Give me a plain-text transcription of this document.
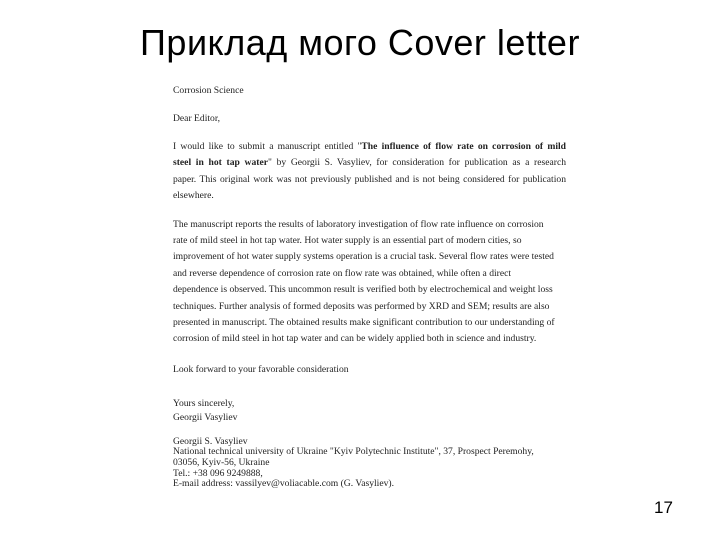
Приклад мого Cover letter
Corrosion Science
Dear Editor,
I would like to submit a manuscript entitled "The influence of flow rate on corrosion of mild
steel in hot tap water" by Georgii S. Vasyliev, for consideration for publication as a research
paper. This original work was not previously published and is not being considered for publication
elsewhere.
The manuscript reports the results of laboratory investigation of flow rate influence on corrosion
rate of mild steel in hot tap water. Hot water supply is an essential part of modern cities, so
improvement of hot water supply systems operation is a crucial task. Several flow rates were tested
and reverse dependence of corrosion rate on flow rate was obtained, while often a direct
dependence is observed. This uncommon result is verified both by electrochemical and weight loss
techniques. Further analysis of formed deposits was performed by XRD and SEM; results are also
presented in manuscript. The obtained results make significant contribution to our understanding of
corrosion of mild steel in hot tap water and can be widely applied both in science and industry.
Look forward to your favorable consideration
Yours sincerely,
Georgii Vasyliev
Georgii S. Vasyliev
National technical university of Ukraine "Kyiv Polytechnic Institute", 37, Prospect Peremohy,
03056, Kyiv-56, Ukraine
Tel.: +38 096 9249888,
E-mail address: vassilyev@voliacable.com (G. Vasyliev).
17
